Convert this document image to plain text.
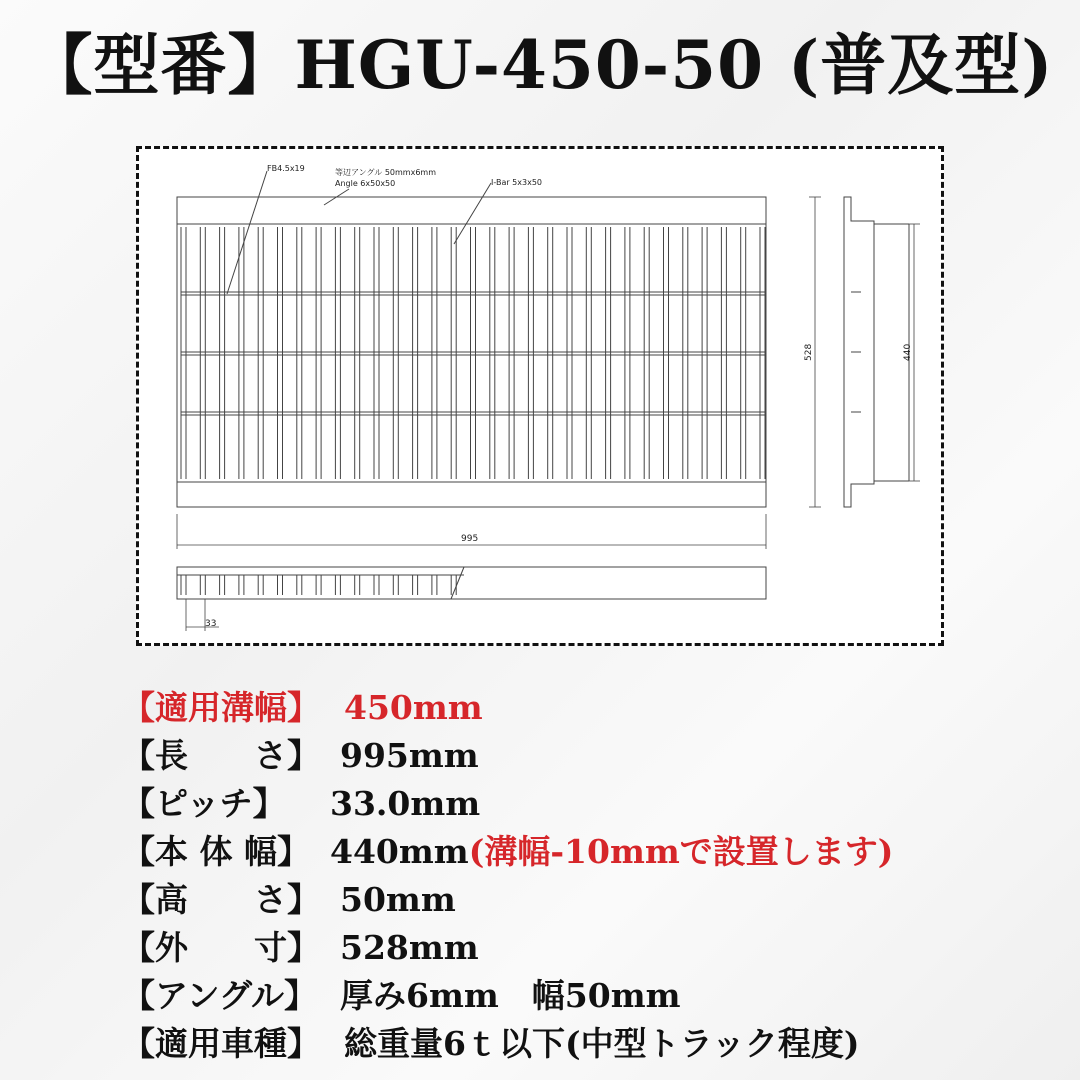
【型番】HGU-450-50 (普及型)
FB4.5x19	等辺アングル 50mmx6mm
Angle 6x50x50	I-Bar 5x3x50
995
528	440
33
【適用溝幅】 450mm
【長　　さ】 995mm
【ピッチ】 33.0mm
【本 体 幅】 440mm(溝幅-10mmで設置します)
【高　　さ】 50mm
【外　　寸】 528mm
【アングル】 厚み6mm　幅50mm
【適用車種】 総重量6ｔ以下(中型トラック程度)
